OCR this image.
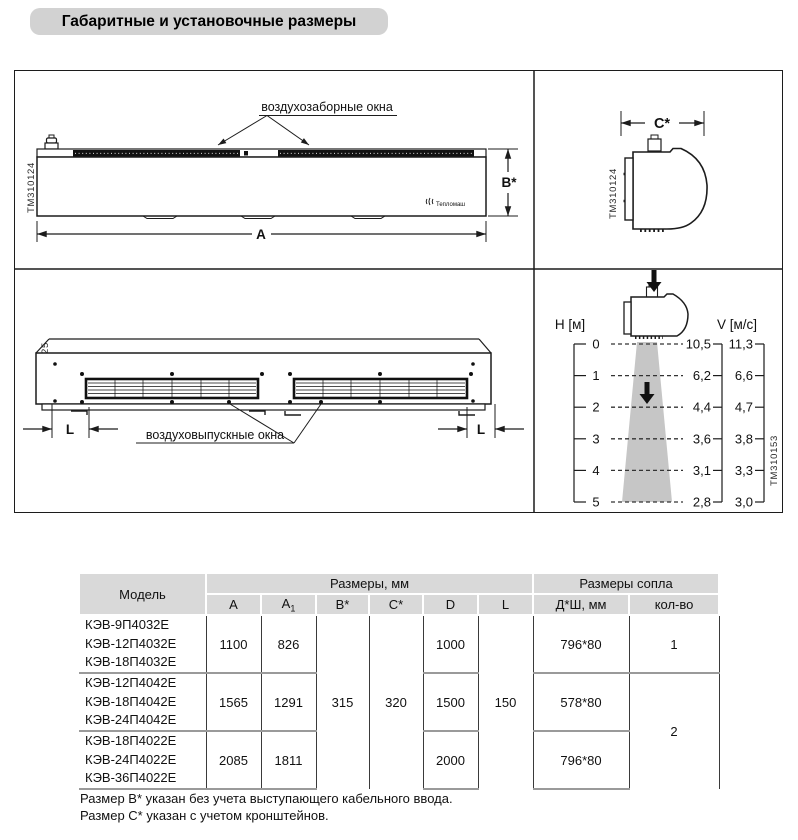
Габаритные и установочные размеры
ТМ310124
воздухозаборные окна
Тепломаш
А
В*	ТМ310124
С*
L	L
воздуховыпускные окна
H [м]	V [м/с]
0
1
2
3
4
5
10,5
6,2
4,4
3,6
3,1
2,8
11,3
6,6
4,7
3,8
3,3
3,0
ТМ310153
Модель	Размеры, мм						Размеры сопла	
	A	$A_1$	B*	C*	D	L	Д*Ш, мм	кол-во

КЭВ-9П4032Е
КЭВ-12П4032Е
КЭВ-18П4032Е	1100	826	315	320	1000	150	796*80	1

КЭВ-12П4042Е
КЭВ-18П4042Е
КЭВ-24П4042Е	1565	1291			1500		578*80	2

КЭВ-18П4022Е
КЭВ-24П4022Е
КЭВ-36П4022Е	2085	1811			2000		796*80	
Размер В* указан без учета выступающего кабельного ввода.
Размер С* указан с учетом кронштейнов.
